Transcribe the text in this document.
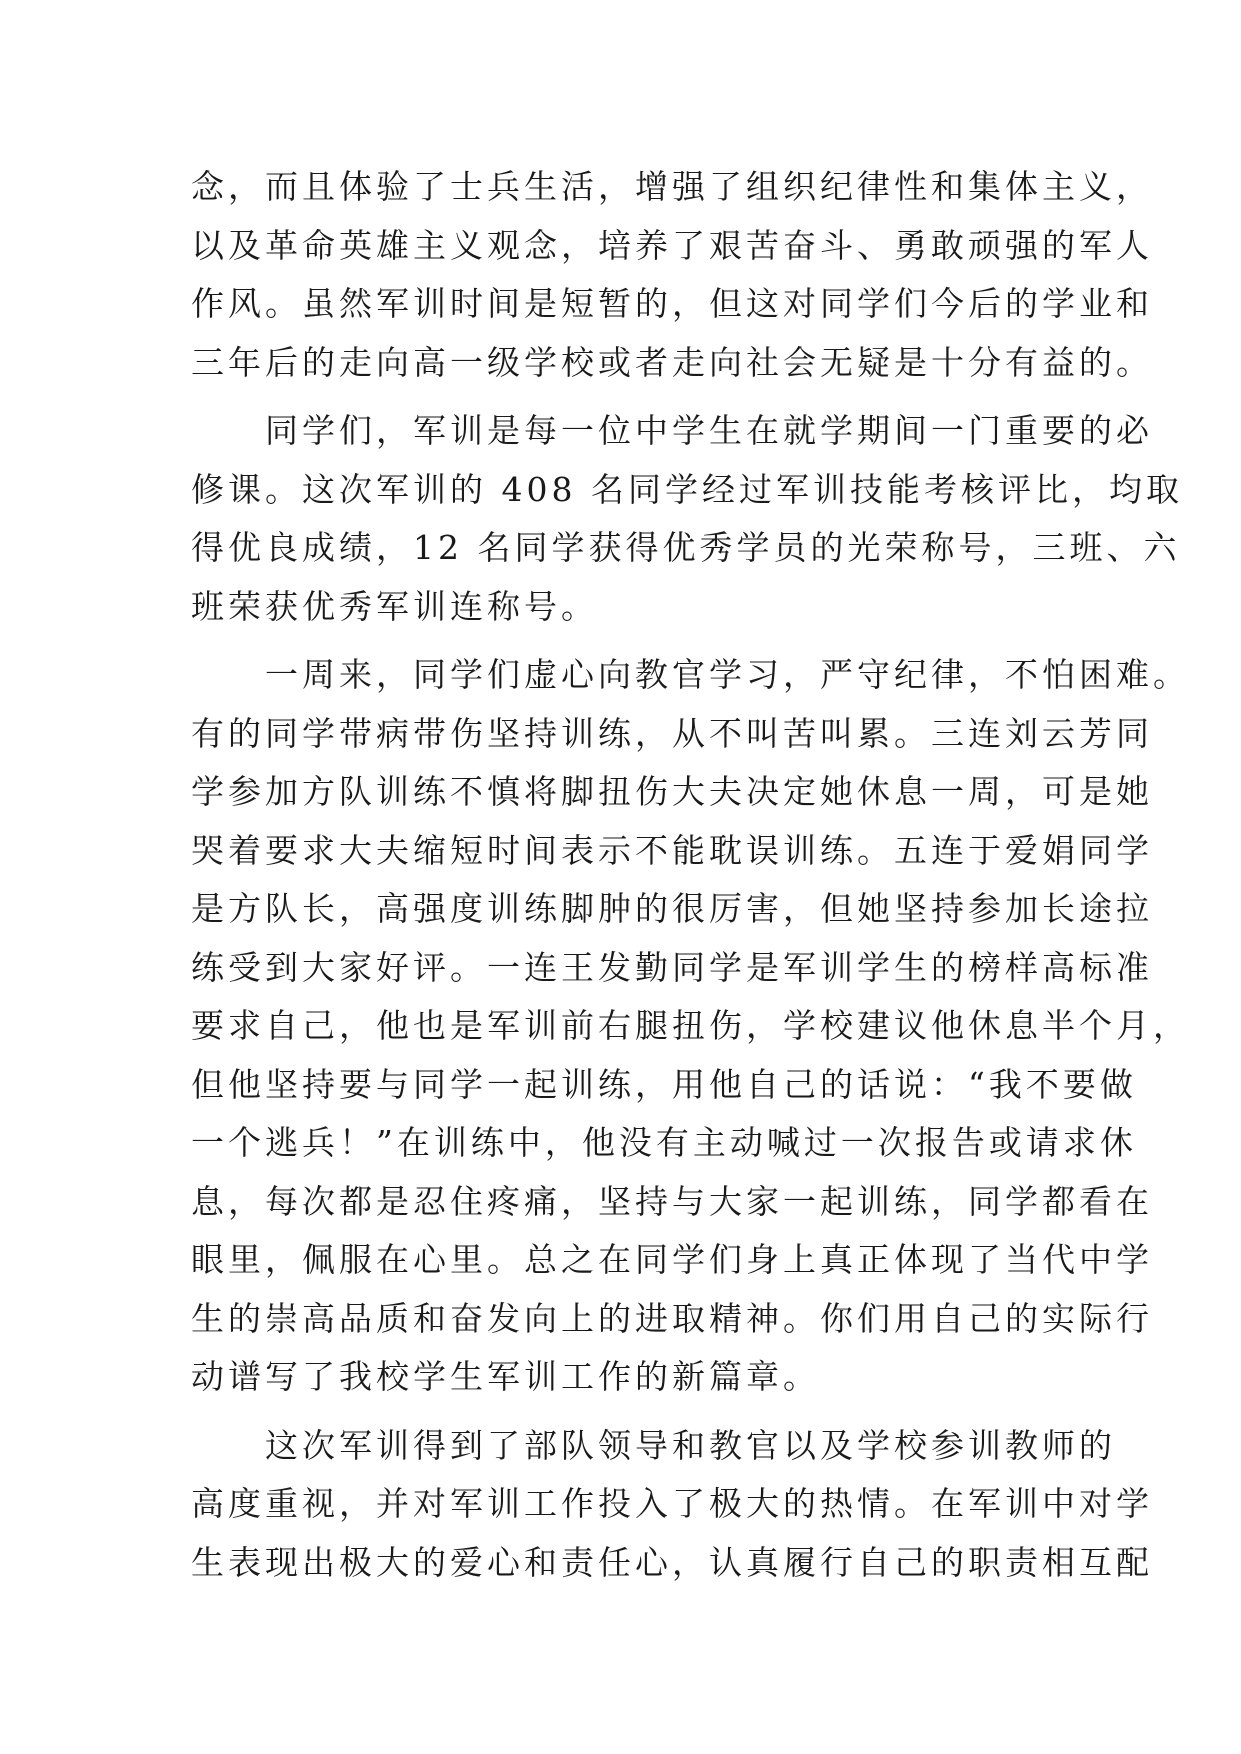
念，而且体验了士兵生活，增强了组织纪律性和集体主义，
以及革命英雄主义观念，培养了艰苦奋斗、勇敢顽强的军人
作风。虽然军训时间是短暂的，但这对同学们今后的学业和
三年后的走向高一级学校或者走向社会无疑是十分有益的。
　　同学们，军训是每一位中学生在就学期间一门重要的必
修课。这次军训的 408 名同学经过军训技能考核评比，均取
得优良成绩，12 名同学获得优秀学员的光荣称号，三班、六
班荣获优秀军训连称号。
　　一周来，同学们虚心向教官学习，严守纪律，不怕困难。
有的同学带病带伤坚持训练，从不叫苦叫累。三连刘云芳同
学参加方队训练不慎将脚扭伤大夫决定她休息一周，可是她
哭着要求大夫缩短时间表示不能耽误训练。五连于爱娟同学
是方队长，高强度训练脚肿的很厉害，但她坚持参加长途拉
练受到大家好评。一连王发勤同学是军训学生的榜样高标准
要求自己，他也是军训前右腿扭伤，学校建议他休息半个月，
但他坚持要与同学一起训练，用他自己的话说：“我不要做
一个逃兵！”在训练中，他没有主动喊过一次报告或请求休
息，每次都是忍住疼痛，坚持与大家一起训练，同学都看在
眼里，佩服在心里。总之在同学们身上真正体现了当代中学
生的崇高品质和奋发向上的进取精神。你们用自己的实际行
动谱写了我校学生军训工作的新篇章。
　　这次军训得到了部队领导和教官以及学校参训教师的
高度重视，并对军训工作投入了极大的热情。在军训中对学
生表现出极大的爱心和责任心，认真履行自己的职责相互配
